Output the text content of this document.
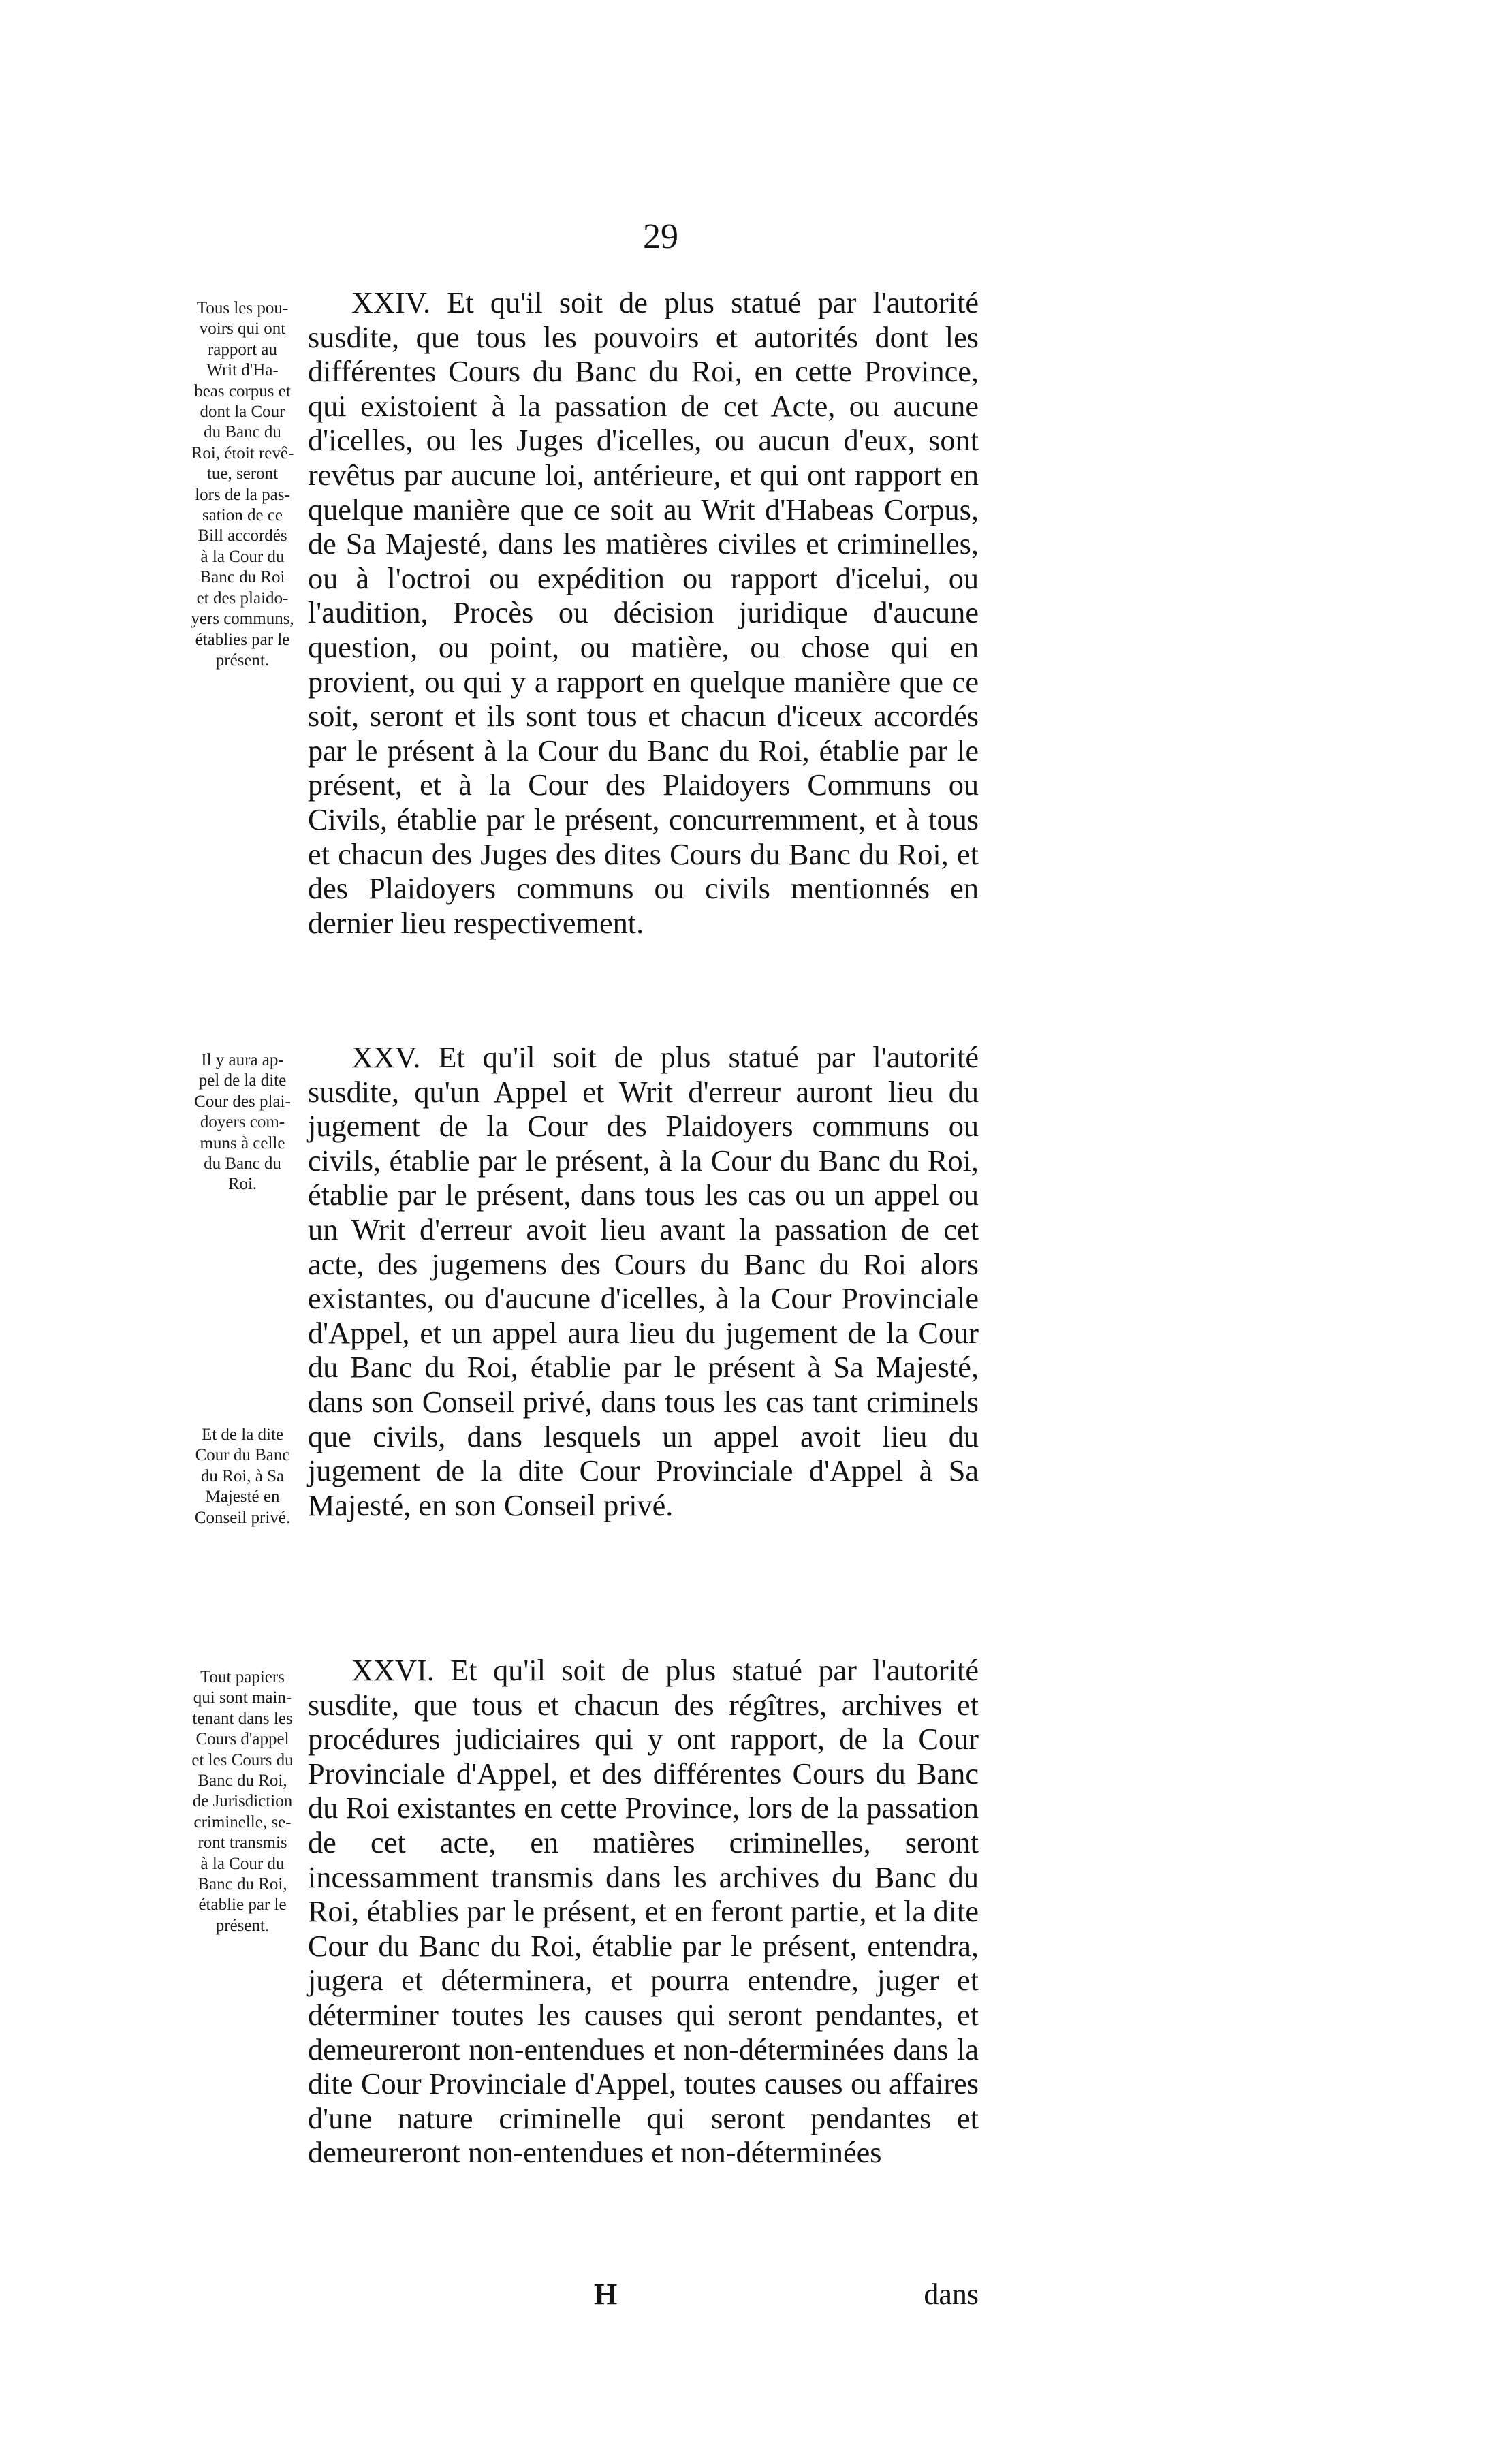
29
Tous les pou-
voirs qui ont
rapport au
Writ d'Ha-
beas corpus et
dont la Cour
du Banc du
Roi, étoit revê-
tue, seront
lors de la pas-
sation de ce
Bill accordés
à la Cour du
Banc du Roi
et des plaido-
yers communs,
établies par le
présent.
Il y aura ap-
pel de la dite
Cour des plai-
doyers com-
muns à celle
du Banc du
Roi.
Et de la dite
Cour du Banc
du Roi, à Sa
Majesté en
Conseil privé.
Tout papiers
qui sont main-
tenant dans les
Cours d'appel
et les Cours du
Banc du Roi,
de Jurisdiction
criminelle, se-
ront transmis
à la Cour du
Banc du Roi,
établie par le
présent.

XXIV. Et qu'il soit de plus statué par l'autorité susdite, que tous les pouvoirs et autorités dont les différentes Cours du Banc du Roi, en cette Province, qui existoient à la passation de cet Acte, ou aucune d'icelles, ou les Juges d'icelles, ou aucun d'eux, sont revêtus par aucune loi, antérieure, et qui ont rapport en quelque manière que ce soit au Writ d'Habeas Corpus, de Sa Majesté, dans les matières civiles et criminelles, ou à l'octroi ou expédition ou rapport d'icelui, ou l'audition, Procès ou décision juridique d'aucune question, ou point, ou matière, ou chose qui en provient, ou qui y a rapport en quelque manière que ce soit, seront et ils sont tous et chacun d'iceux accordés par le présent à la Cour du Banc du Roi, établie par le présent, et à la Cour des Plaidoyers Communs ou Civils, établie par le présent, concurremment, et à tous et chacun des Juges des dites Cours du Banc du Roi, et des Plaidoyers communs ou civils mentionnés en dernier lieu respectivement.

XXV. Et qu'il soit de plus statué par l'autorité susdite, qu'un Appel et Writ d'erreur auront lieu du jugement de la Cour des Plaidoyers communs ou civils, établie par le présent, à la Cour du Banc du Roi, établie par le présent, dans tous les cas ou un appel ou un Writ d'erreur avoit lieu avant la passation de cet acte, des jugemens des Cours du Banc du Roi alors existantes, ou d'aucune d'icelles, à la Cour Provinciale d'Appel, et un appel aura lieu du jugement de la Cour du Banc du Roi, établie par le présent à Sa Majesté, dans son Conseil privé, dans tous les cas tant criminels que civils, dans lesquels un appel avoit lieu du jugement de la dite Cour Provinciale d'Appel à Sa Majesté, en son Conseil privé.

XXVI. Et qu'il soit de plus statué par l'autorité susdite, que tous et chacun des régîtres, archives et procédures judiciaires qui y ont rapport, de la Cour Provinciale d'Appel, et des différentes Cours du Banc du Roi existantes en cette Province, lors de la passation de cet acte, en matières criminelles, seront incessamment transmis dans les archives du Banc du Roi, établies par le présent, et en feront partie, et la dite Cour du Banc du Roi, établie par le présent, entendra, jugera et déterminera, et pourra entendre, juger et déterminer toutes les causes qui seront pendantes, et demeureront non-entendues et non-déterminées dans la dite Cour Provinciale d'Appel, toutes causes ou affaires d'une nature criminelle qui seront pendantes et demeureront non-entendues et non-déterminées

H	dans
